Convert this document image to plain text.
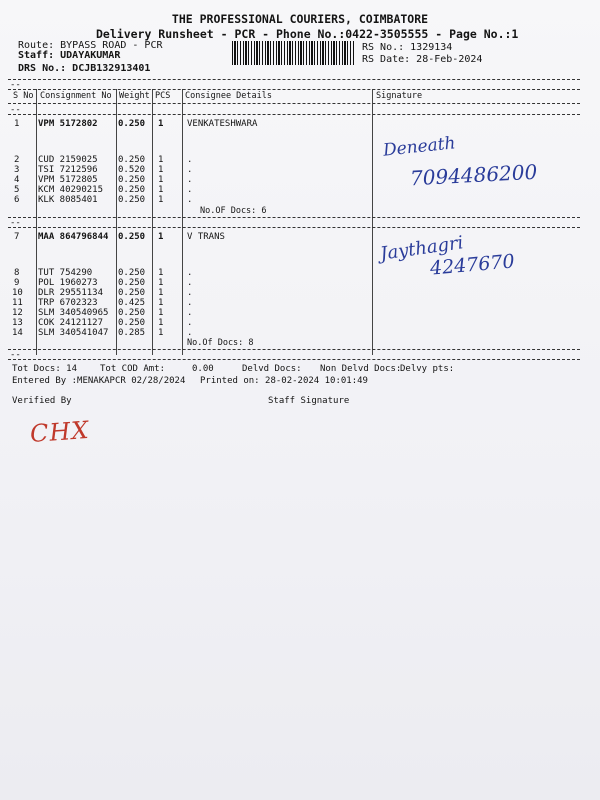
THE PROFESSIONAL COURIERS, COIMBATORE
Delivery Runsheet - PCR - Phone No.:0422-3505555 - Page No.:1
Route: BYPASS ROAD - PCR
Staff: UDAYAKUMAR
DRS No.: DCJB132913401
RS No.: 1329134
RS Date: 28-Feb-2024
--
S No Consignment No Weight PCS Consignee Details	Signature
--
1 VPM 5172802 0.250 1	VENKATESHWARA
2 CUD 2159025 0.250 1	.
3 TSI 7212596 0.520 1	.
4 VPM 5172805 0.250 1	.
5 KCM 40290215 0.250 1	.
6 KLK 8085401 0.250 1	.
No.OF Docs: 6
Deneath
7094486200
--
7 MAA 864796844 0.250 1	V TRANS
8 TUT 754290	0.250 1	.
9 POL 1960273 0.250 1	.
10 DLR 29551134 0.250 1	.
11 TRP 6702323 0.425 1	.
12 SLM 340540965 0.250 1	.
13 COK 24121127 0.250 1	.
14 SLM 340541047 0.285 1	.
No.Of Docs: 8
Jaythagri
4247670
--
Tot Docs: 14	Tot COD Amt:	0.00	Delvd Docs: Non Delvd Docs:
Delvy pts:
Entered By :MENAKAPCR 02/28/2024 Printed on: 28-02-2024 10:01:49
Verified By	Staff Signature
CHX
